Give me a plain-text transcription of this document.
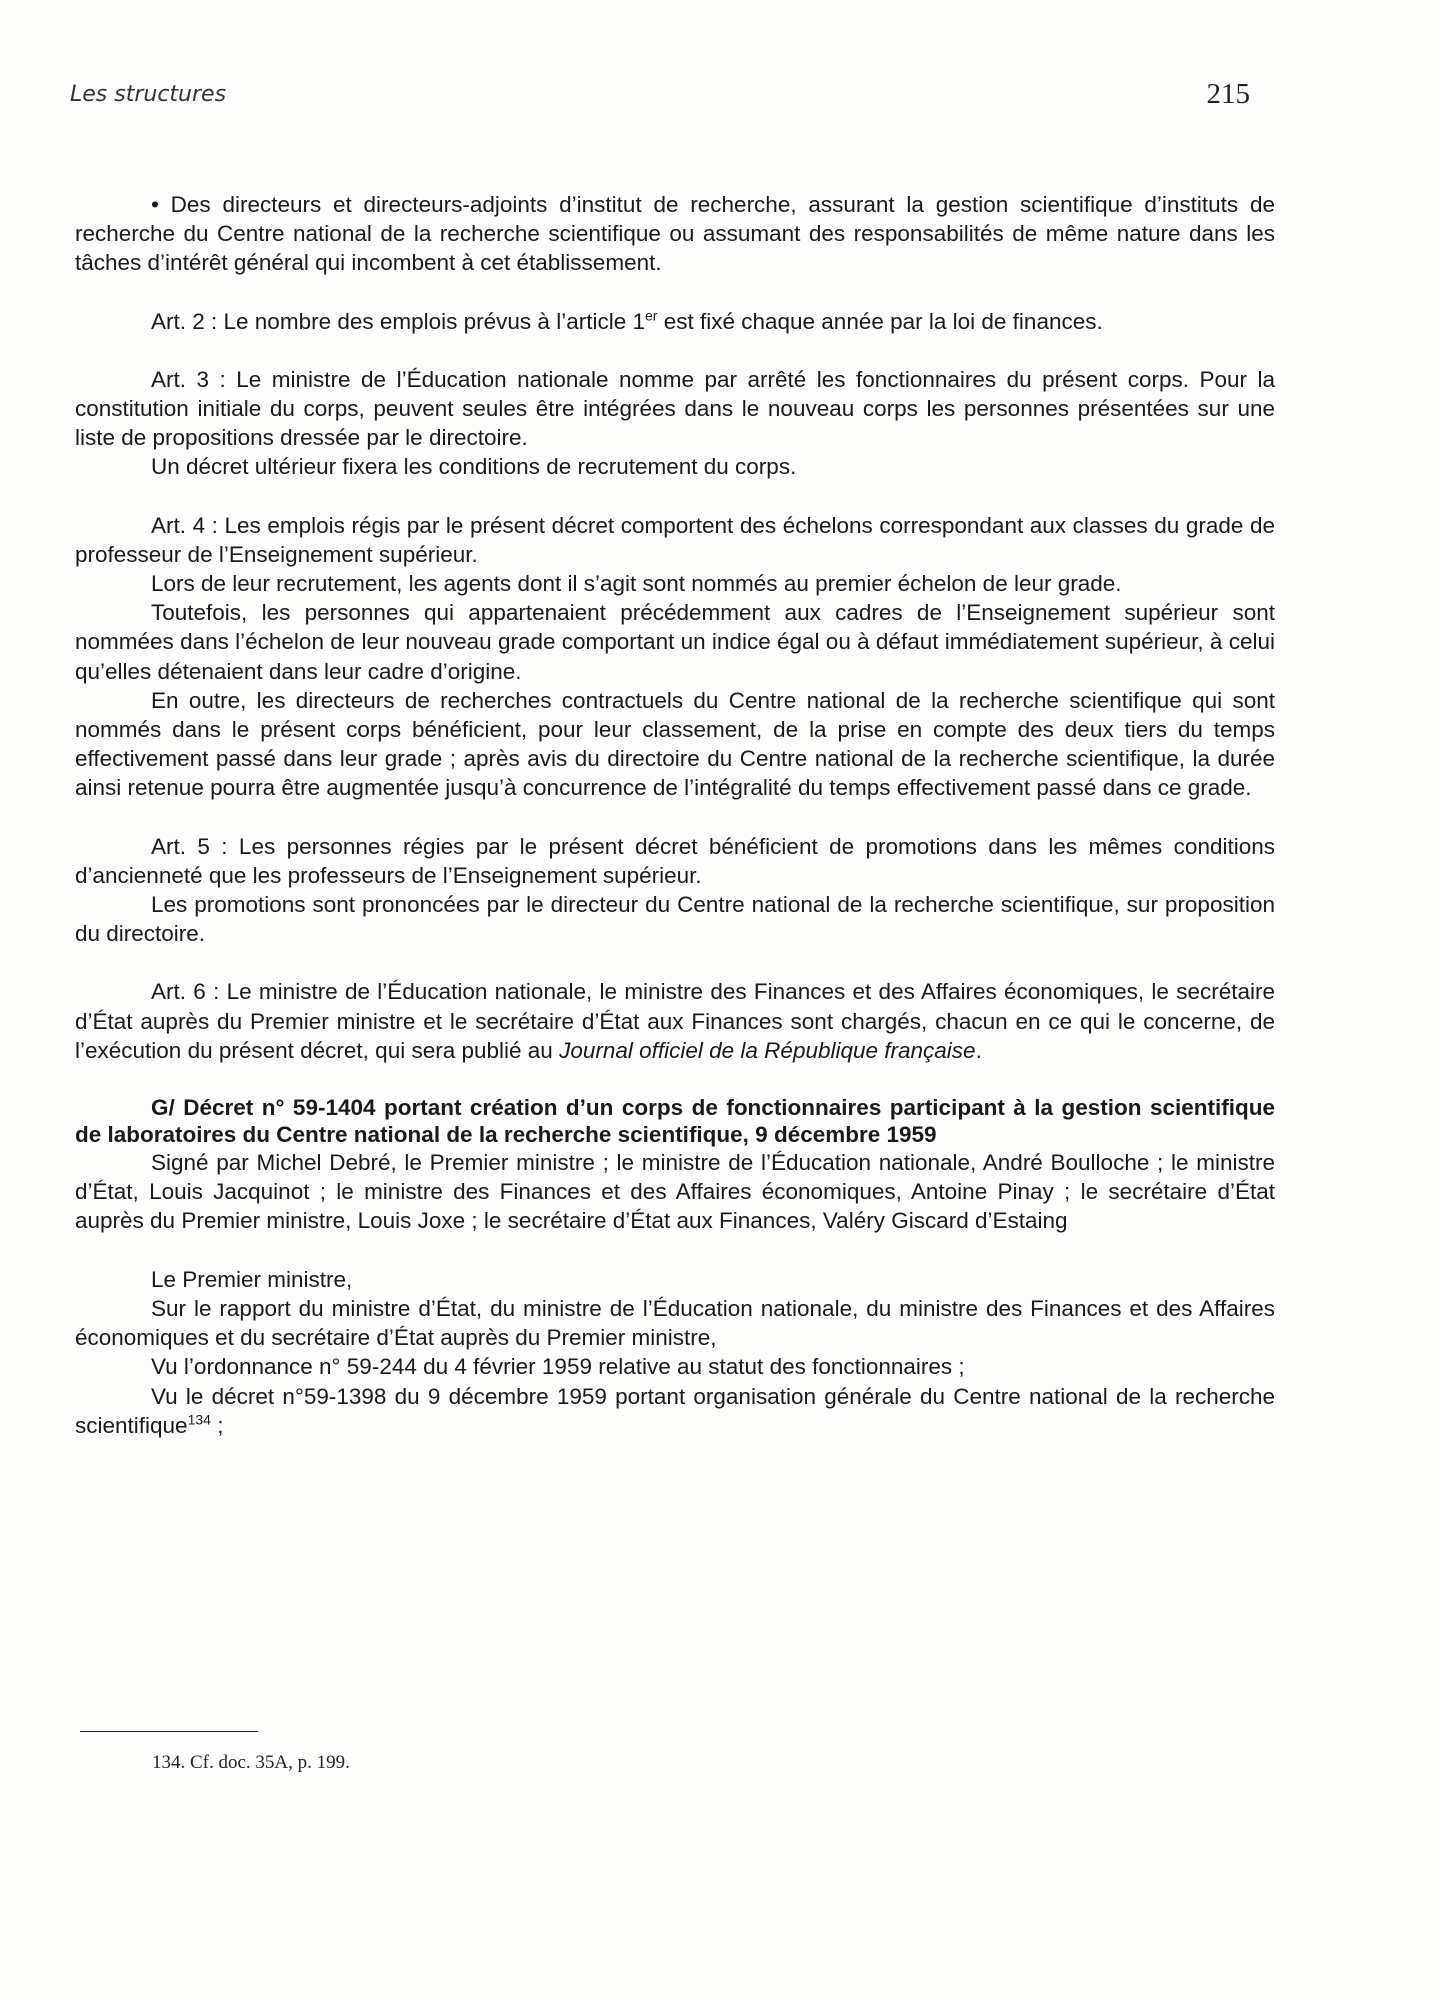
Les structures	215

• Des directeurs et directeurs-adjoints d’institut de recherche, assurant la gestion scientifique d’instituts de recherche du Centre national de la recherche scientifique ou assumant des responsabilités de même nature dans les tâches d’intérêt général qui incombent à cet établissement.

Art. 2 : Le nombre des emplois prévus à l’article 1er est fixé chaque année par la loi de finances.

Art. 3 : Le ministre de l’Éducation nationale nomme par arrêté les fonctionnaires du présent corps. Pour la constitution initiale du corps, peuvent seules être intégrées dans le nouveau corps les personnes présentées sur une liste de propositions dressée par le directoire.

Un décret ultérieur fixera les conditions de recrutement du corps.

Art. 4 : Les emplois régis par le présent décret comportent des échelons correspondant aux classes du grade de professeur de l’Enseignement supérieur.

Lors de leur recrutement, les agents dont il s’agit sont nommés au premier échelon de leur grade.

Toutefois, les personnes qui appartenaient précédemment aux cadres de l’Enseignement supérieur sont nommées dans l’échelon de leur nouveau grade comportant un indice égal ou à défaut immédiatement supérieur, à celui qu’elles détenaient dans leur cadre d’origine.

En outre, les directeurs de recherches contractuels du Centre national de la recherche scientifique qui sont nommés dans le présent corps bénéficient, pour leur classement, de la prise en compte des deux tiers du temps effectivement passé dans leur grade ; après avis du directoire du Centre national de la recherche scientifique, la durée ainsi retenue pourra être augmentée jusqu’à concurrence de l’intégralité du temps effectivement passé dans ce grade.

Art. 5 : Les personnes régies par le présent décret bénéficient de promotions dans les mêmes conditions d’ancienneté que les professeurs de l’Enseignement supérieur.

Les promotions sont prononcées par le directeur du Centre national de la recherche scientifique, sur proposition du directoire.

Art. 6 : Le ministre de l’Éducation nationale, le ministre des Finances et des Affaires économiques, le secrétaire d’État auprès du Premier ministre et le secrétaire d’État aux Finances sont chargés, chacun en ce qui le concerne, de l’exécution du présent décret, qui sera publié au Journal officiel de la République française.

G/ Décret n° 59-1404 portant création d’un corps de fonctionnaires participant à la gestion scientifique de laboratoires du Centre national de la recherche scientifique, 9 décembre 1959

Signé par Michel Debré, le Premier ministre ; le ministre de l’Éducation nationale, André Boulloche ; le ministre d’État, Louis Jacquinot ; le ministre des Finances et des Affaires économiques, Antoine Pinay ; le secrétaire d’État auprès du Premier ministre, Louis Joxe ; le secrétaire d’État aux Finances, Valéry Giscard d’Estaing

Le Premier ministre,

Sur le rapport du ministre d’État, du ministre de l’Éducation nationale, du ministre des Finances et des Affaires économiques et du secrétaire d’État auprès du Premier ministre,

Vu l’ordonnance n° 59-244 du 4 février 1959 relative au statut des fonctionnaires ;

Vu le décret n°59-1398 du 9 décembre 1959 portant organisation générale du Centre national de la recherche scientifique$^{134}$ ;

134. Cf. doc. 35A, p. 199.
